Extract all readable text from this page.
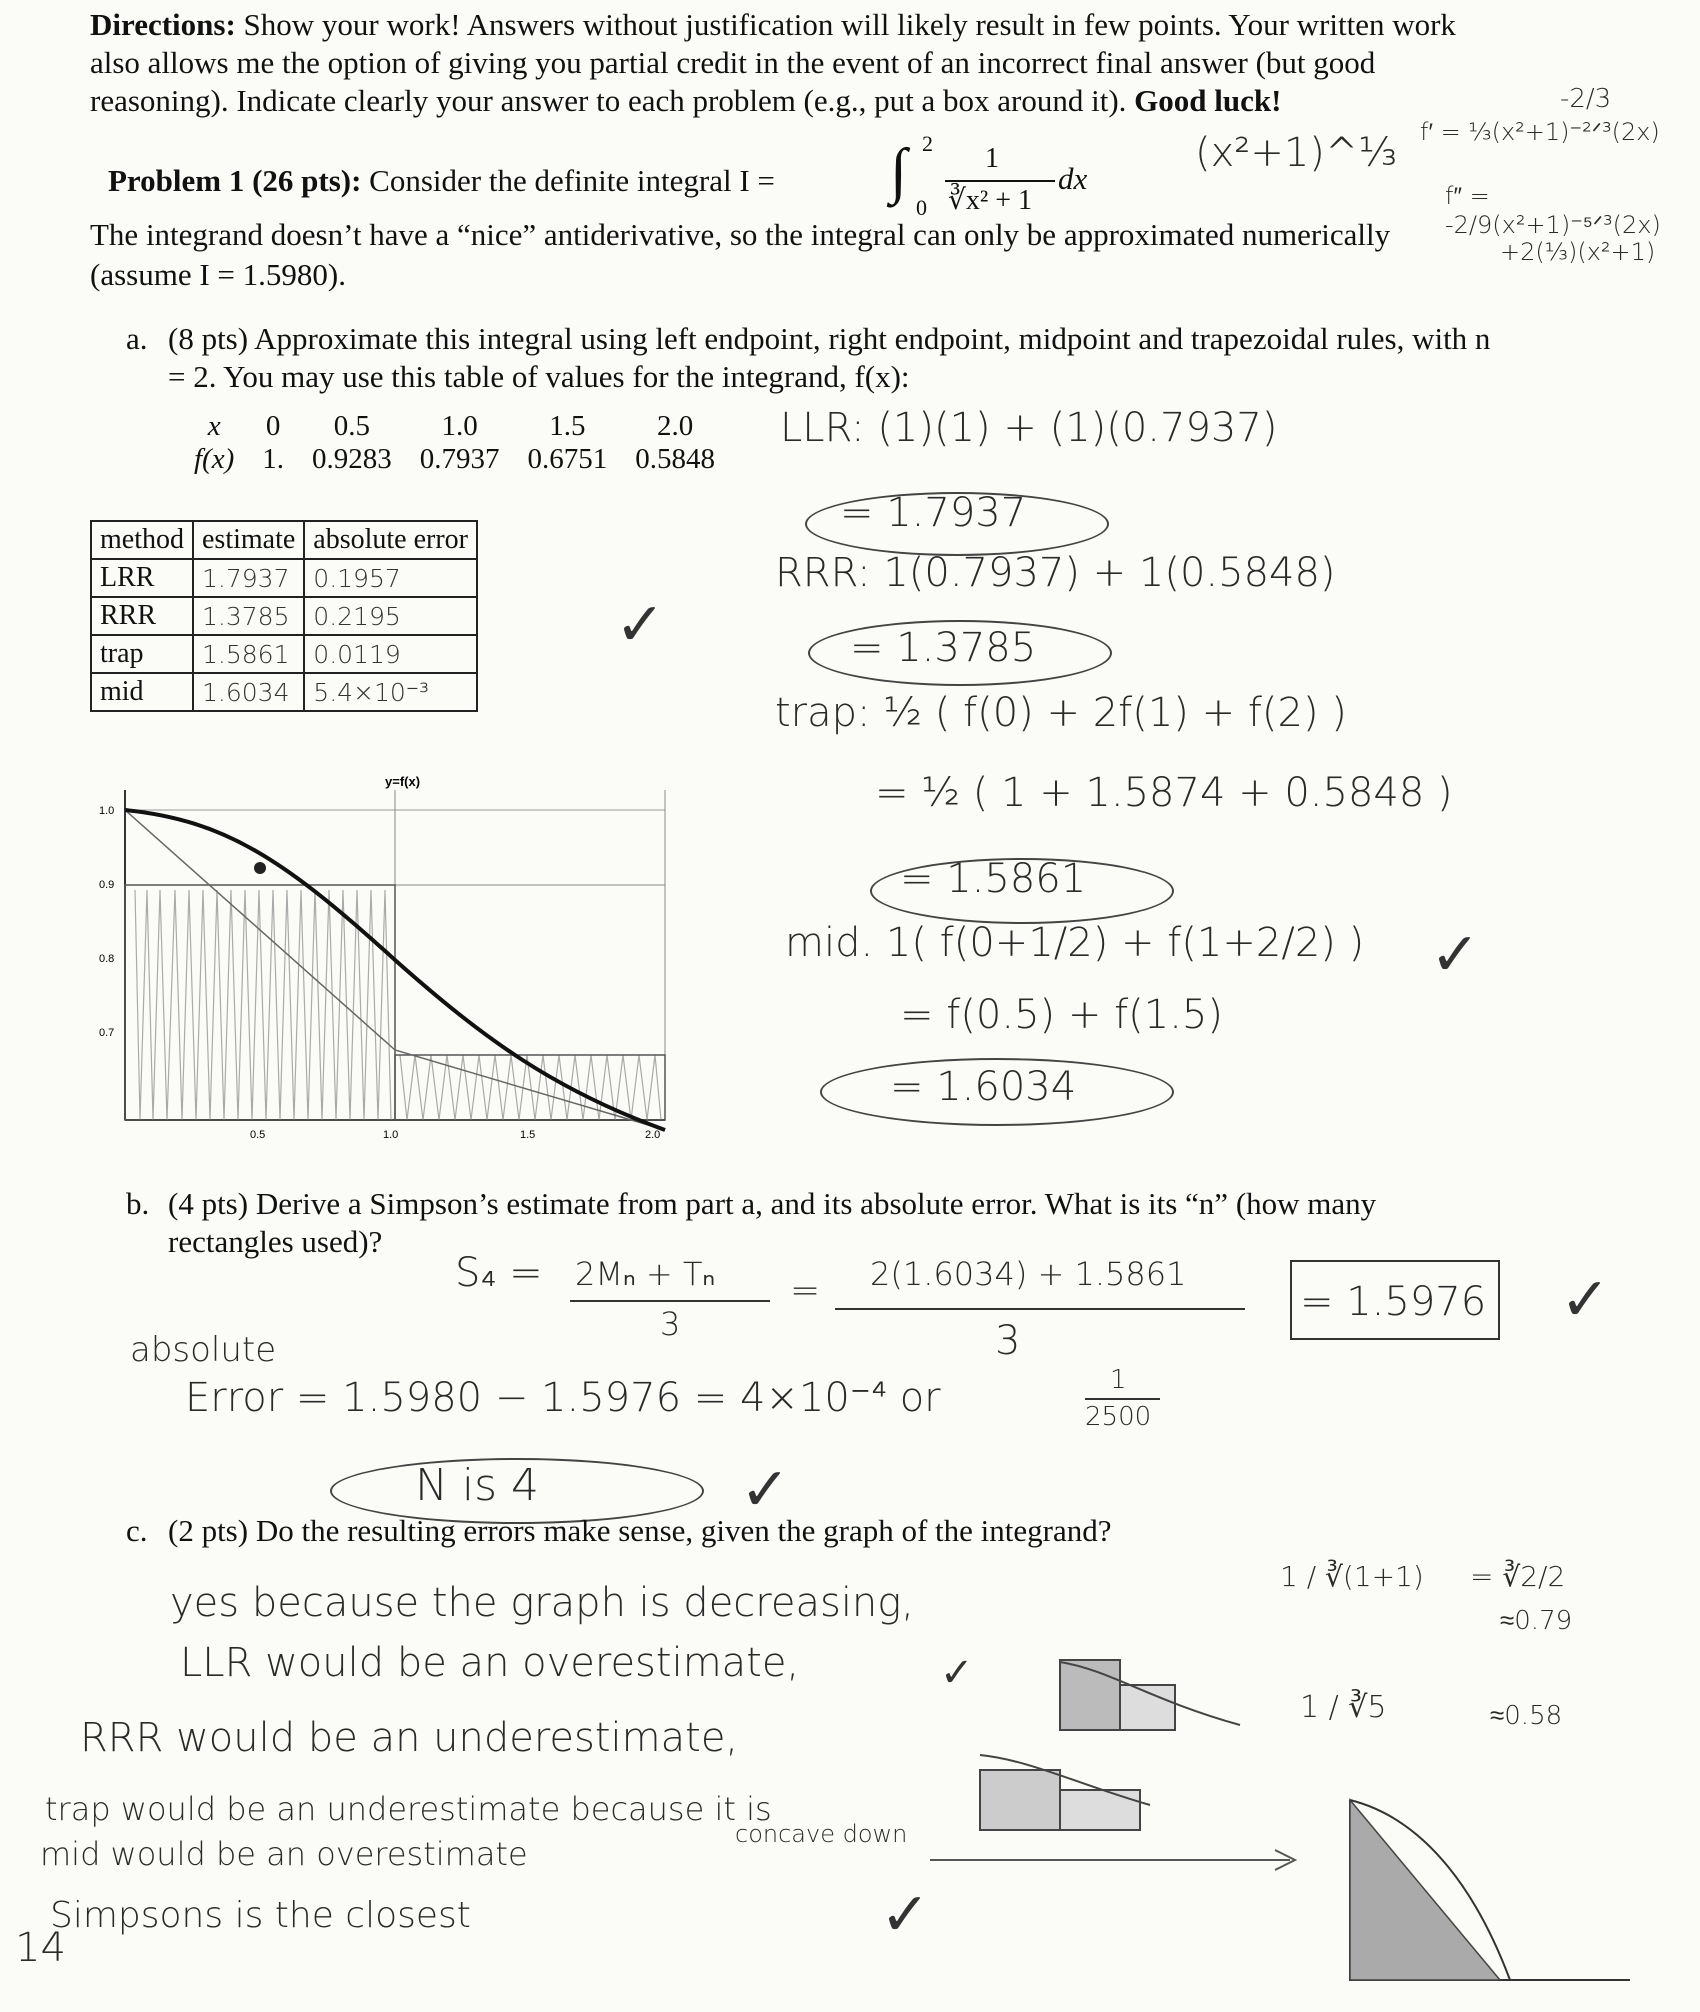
Directions: Show your work! Answers without justification will likely result in few points. Your written work also allows me the option of giving you partial credit in the event of an incorrect final answer (but good reasoning). Indicate clearly your answer to each problem (e.g., put a box around it). Good luck!	-2/3
(x²+1)^⅓ f′ = ⅓(x²+1)⁻²ᐟ³(2x)
f″ = -2/9(x²+1)⁻⁵ᐟ³(2x)
+2(⅓)(x²+1)
Problem 1 (26 pts): Consider the definite integral I = ∫ 2
0
1
∛x² + 1
dx
The integrand doesn’t have a “nice” antiderivative, so the integral can only be approximated numerically
(assume I = 1.5980).
a. (8 pts) Approximate this integral using left endpoint, right endpoint, midpoint and trapezoidal rules, with n = 2. You may use this table of values for the integrand, f(x):
x	0	0.5	1.0	1.5	2.0
f(x)	1.	0.9283	0.7937	0.6751	0.5848
method	estimate	absolute error
LRR	1.7937	0.1957
RRR	1.3785	0.2195
trap	1.5861	0.0119
mid	1.6034	5.4×10⁻³
✓
y=f(x)
1.0
0.9
0.8
0.7
0.5	1.0	1.5	2.0
LLR: (1)(1) + (1)(0.7937)
= 1.7937
RRR: 1(0.7937) + 1(0.5848)
= 1.3785
trap: ½ ( f(0) + 2f(1) + f(2) )
= ½ ( 1 + 1.5874 + 0.5848 )
= 1.5861
mid. 1( f(0+1/2) + f(1+2/2) )
= f(0.5) + f(1.5)
= 1.6034
✓
b. (4 pts) Derive a Simpson’s estimate from part a, and its absolute error. What is its “n” (how many rectangles used)?
S₄ = 2Mₙ + Tₙ
3
= 2(1.6034) + 1.5861
3
= 1.5976 ✓
absolute
Error = 1.5980 − 1.5976 = 4×10⁻⁴ or	1
2500
N is 4	✓
c. (2 pts) Do the resulting errors make sense, given the graph of the integrand?
yes because the graph is decreasing,
LLR would be an overestimate,
RRR would be an underestimate,
trap would be an underestimate because it is
mid would be an overestimate
concave down
Simpsons is the closest
14	✓
✓
1 / ∛(1+1) = ∛2/2
≈0.79
1 / ∛5	≈0.58
